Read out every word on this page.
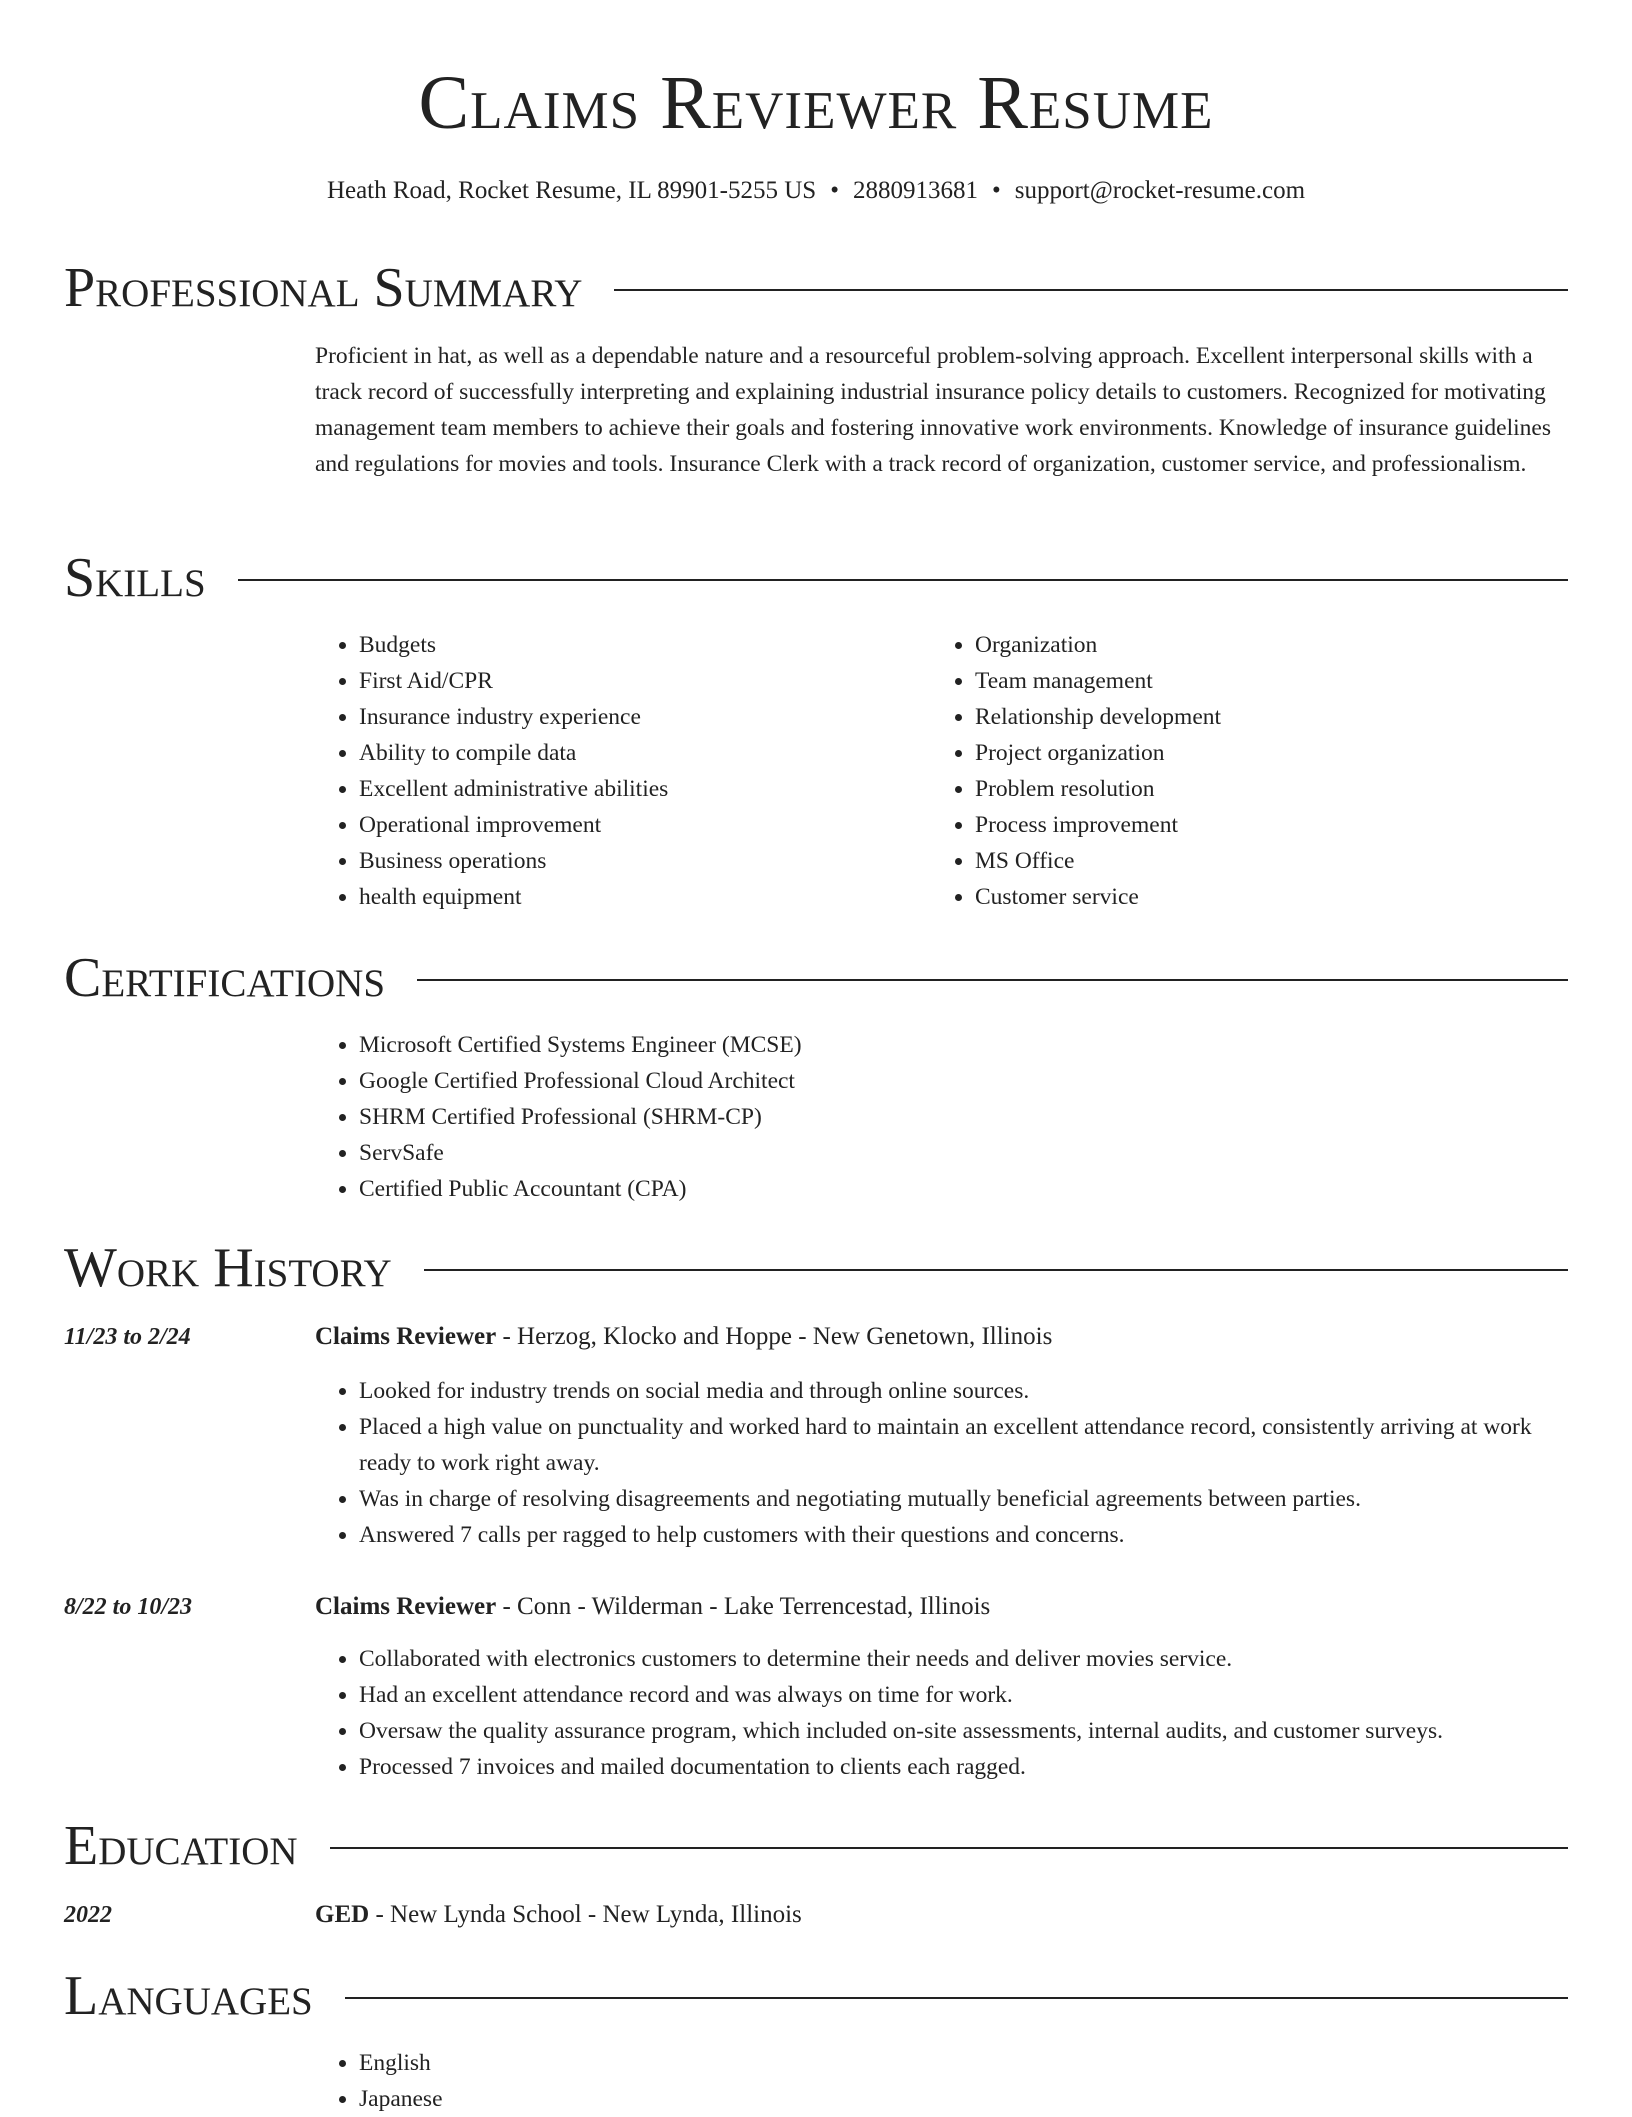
Claims Reviewer Resume
Heath Road, Rocket Resume, IL 89901-5255 US • 2880913681 • support@rocket-resume.com
Professional Summary

Proficient in hat, as well as a dependable nature and a resourceful problem-solving approach. Excellent interpersonal skills with a track record of successfully interpreting and explaining industrial insurance policy details to customers. Recognized for motivating management team members to achieve their goals and fostering innovative work environments. Knowledge of insurance guidelines and regulations for movies and tools. Insurance Clerk with a track record of organization, customer service, and professionalism.

Skills
• Budgets
• First Aid/CPR
• Insurance industry experience
• Ability to compile data
• Excellent administrative abilities
• Operational improvement
• Business operations
• health equipment
• Organization
• Team management
• Relationship development
• Project organization
• Problem resolution
• Process improvement
• MS Office
• Customer service
Certifications
• Microsoft Certified Systems Engineer (MCSE)
• Google Certified Professional Cloud Architect
• SHRM Certified Professional (SHRM-CP)
• ServSafe
• Certified Public Accountant (CPA)
Work History
11/23 to 2/24	Claims Reviewer - Herzog, Klocko and Hoppe - New Genetown, Illinois
• Looked for industry trends on social media and through online sources.
• Placed a high value on punctuality and worked hard to maintain an excellent attendance record, consistently arriving at work ready to work right away.
• Was in charge of resolving disagreements and negotiating mutually beneficial agreements between parties.
• Answered 7 calls per ragged to help customers with their questions and concerns.
8/22 to 10/23	Claims Reviewer - Conn - Wilderman - Lake Terrencestad, Illinois
• Collaborated with electronics customers to determine their needs and deliver movies service.
• Had an excellent attendance record and was always on time for work.
• Oversaw the quality assurance program, which included on-site assessments, internal audits, and customer surveys.
• Processed 7 invoices and mailed documentation to clients each ragged.
Education
2022	GED - New Lynda School - New Lynda, Illinois
Languages
• English
• Japanese
